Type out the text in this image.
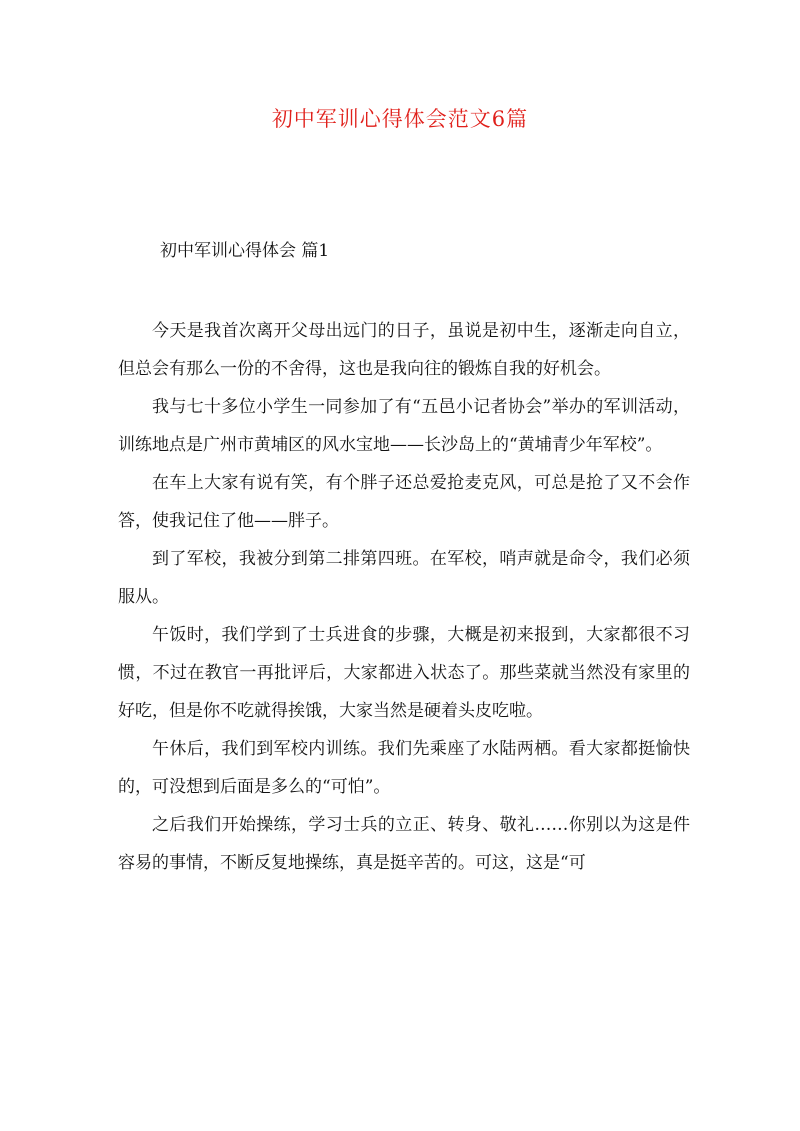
初中军训心得体会范文6篇
初中军训心得体会 篇1

今天是我首次离开父母出远门的日子，虽说是初中生，逐渐走向自立，但总会有那么一份的不舍得，这也是我向往的锻炼自我的好机会。

我与七十多位小学生一同参加了有“五邑小记者协会”举办的军训活动，训练地点是广州市黄埔区的风水宝地——长沙岛上的“黄埔青少年军校”。

在车上大家有说有笑，有个胖子还总爱抢麦克风，可总是抢了又不会作答，使我记住了他——胖子。

到了军校，我被分到第二排第四班。在军校，哨声就是命令，我们必须服从。

午饭时，我们学到了士兵进食的步骤，大概是初来报到，大家都很不习惯，不过在教官一再批评后，大家都进入状态了。那些菜就当然没有家里的好吃，但是你不吃就得挨饿，大家当然是硬着头皮吃啦。

午休后，我们到军校内训练。我们先乘座了水陆两栖。看大家都挺愉快的，可没想到后面是多么的“可怕”。

之后我们开始操练，学习士兵的立正、转身、敬礼……你别以为这是件容易的事情，不断反复地操练，真是挺辛苦的。可这，这是“可
